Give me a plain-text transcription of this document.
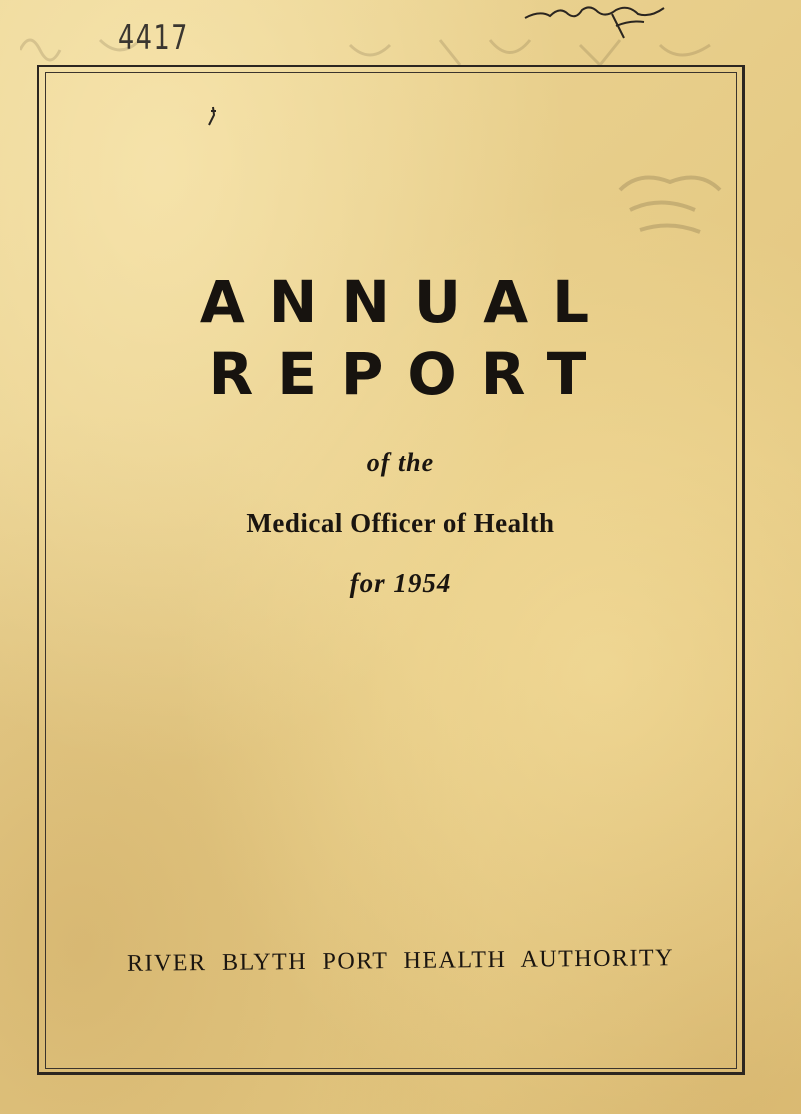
4417
ANNUAL
REPORT
of the
Medical Officer of Health
for 1954
RIVER BLYTH PORT HEALTH AUTHORITY
